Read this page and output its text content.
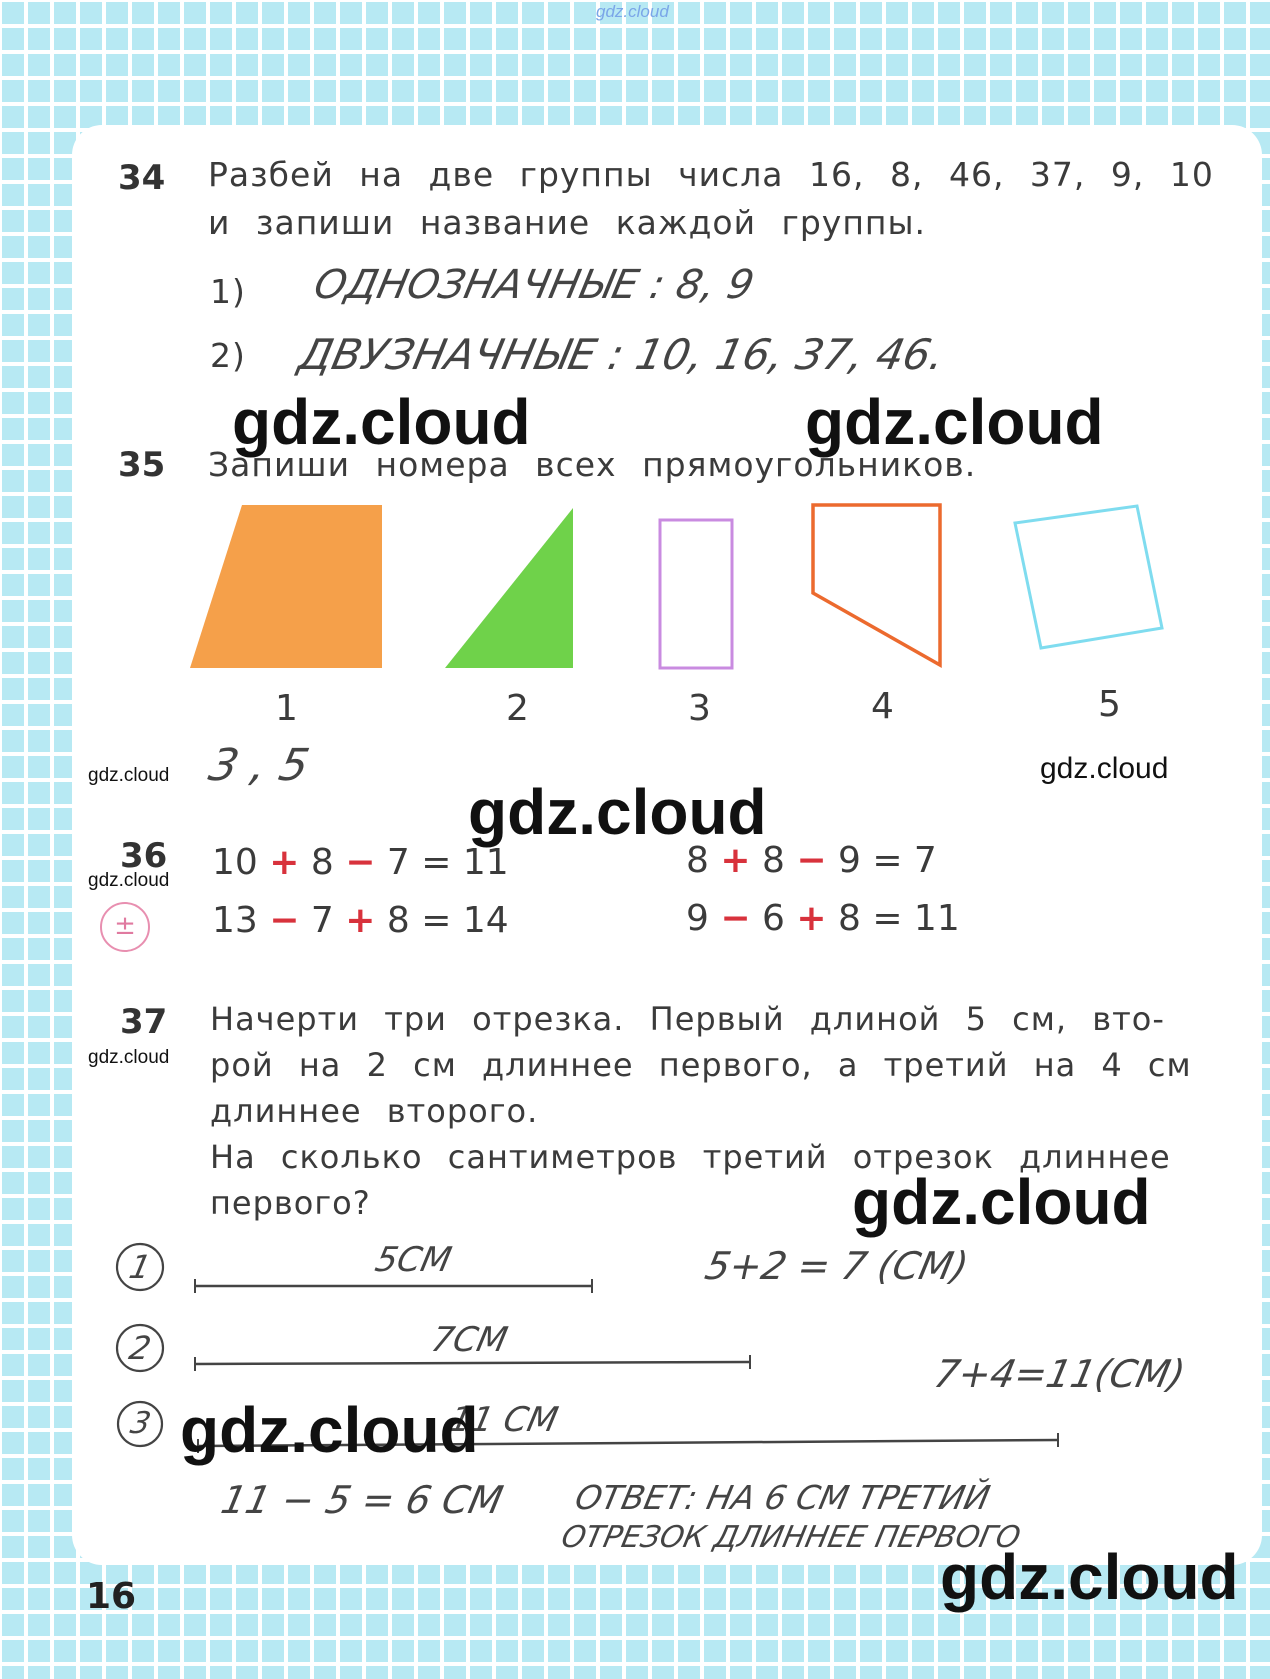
gdz.cloud
34 Разбей на две группы числа 16, 8, 46, 37, 9, 10
и запиши название каждой группы.
1) ОДНОЗНАЧНЫЕ : 8, 9
2) ДВУЗНАЧНЫЕ : 10, 16, 37, 46.
35 Запиши номера всех прямоугольников.
1	2	3	4	5
3 , 5
36
±
10 + 8 − 7 = 11
13 − 7 + 8 = 14
8 + 8 − 9 = 7
9 − 6 + 8 = 11
37 Начерти три отрезка. Первый длиной 5 см, вто-
рой на 2 см длиннее первого, а третий на 4 см
длиннее второго.
На сколько сантиметров третий отрезок длиннее
первого?
1
2
3
5СМ	5+2 = 7 (СМ)
7СМ
7+4=11(СМ)
11 СМ
11 − 5 = 6 СМ ОТВЕТ: НА 6 СМ ТРЕТИЙ
ОТРЕЗОК ДЛИННЕЕ ПЕРВОГО
16
gdz.cloud	gdz.cloud
gdz.cloud
gdz.cloud
gdz.cloud
gdz.cloud
gdz.cloud
gdz.cloud
gdz.cloud
gdz.cloud
